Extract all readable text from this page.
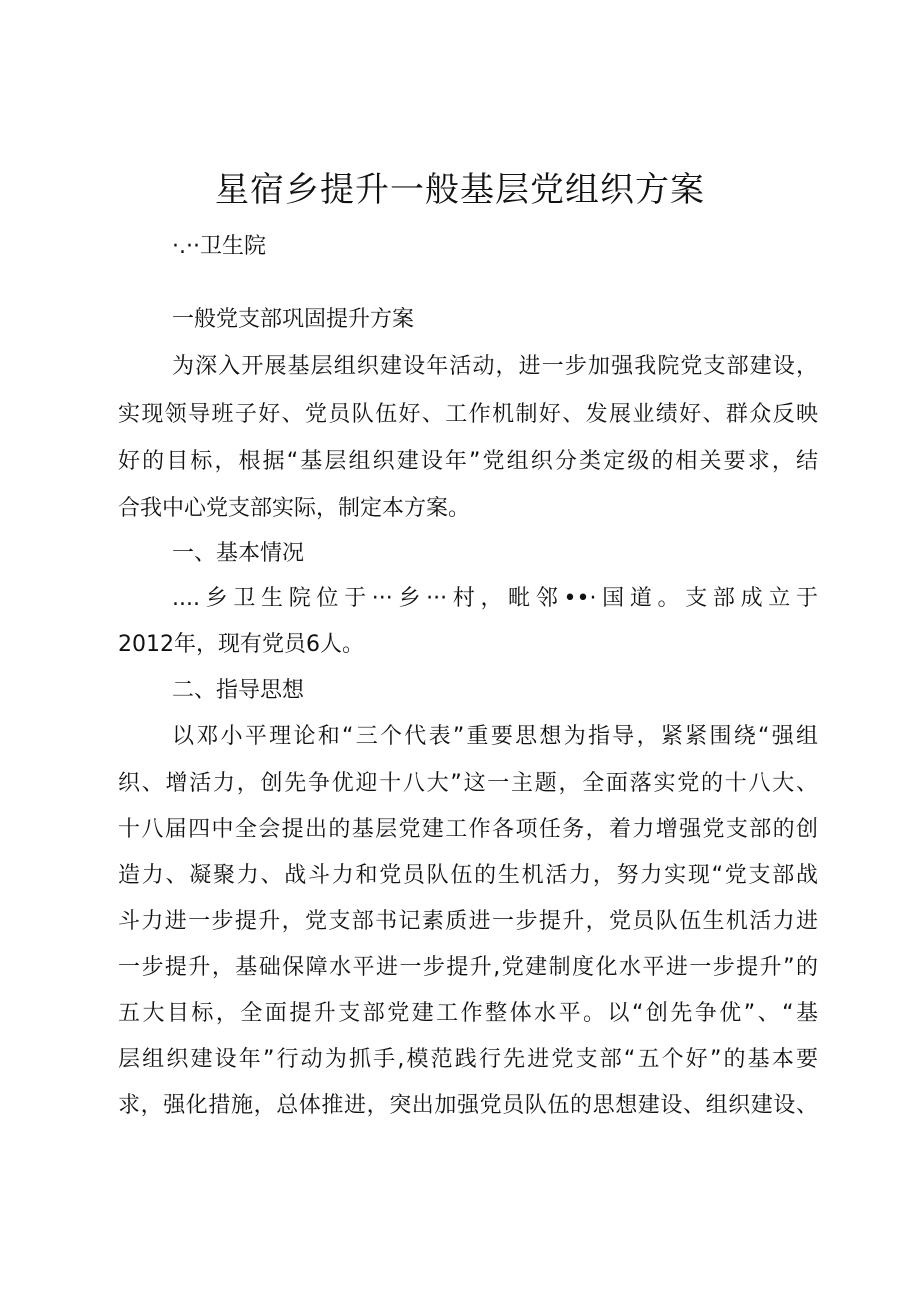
星宿乡提升一般基层党组织方案
·.··卫生院
一般党支部巩固提升方案
为深入开展基层组织建设年活动，进一步加强我院党支部建设，
实现领导班子好、党员队伍好、工作机制好、发展业绩好、群众反映
好的目标，根据“基层组织建设年”党组织分类定级的相关要求，结
合我中心党支部实际，制定本方案。
一、基本情况
....乡卫生院位于···乡···村，毗邻••·国道。支部成立于
2012年，现有党员6人。
二、指导思想
以邓小平理论和“三个代表”重要思想为指导，紧紧围绕“强组
织、增活力，创先争优迎十八大”这一主题，全面落实党的十八大、
十八届四中全会提出的基层党建工作各项任务，着力增强党支部的创
造力、凝聚力、战斗力和党员队伍的生机活力，努力实现“党支部战
斗力进一步提升，党支部书记素质进一步提升，党员队伍生机活力进
一步提升，基础保障水平进一步提升,党建制度化水平进一步提升”的
五大目标，全面提升支部党建工作整体水平。以“创先争优”、“基
层组织建设年”行动为抓手,模范践行先进党支部“五个好”的基本要
求，强化措施，总体推进，突出加强党员队伍的思想建设、组织建设、
